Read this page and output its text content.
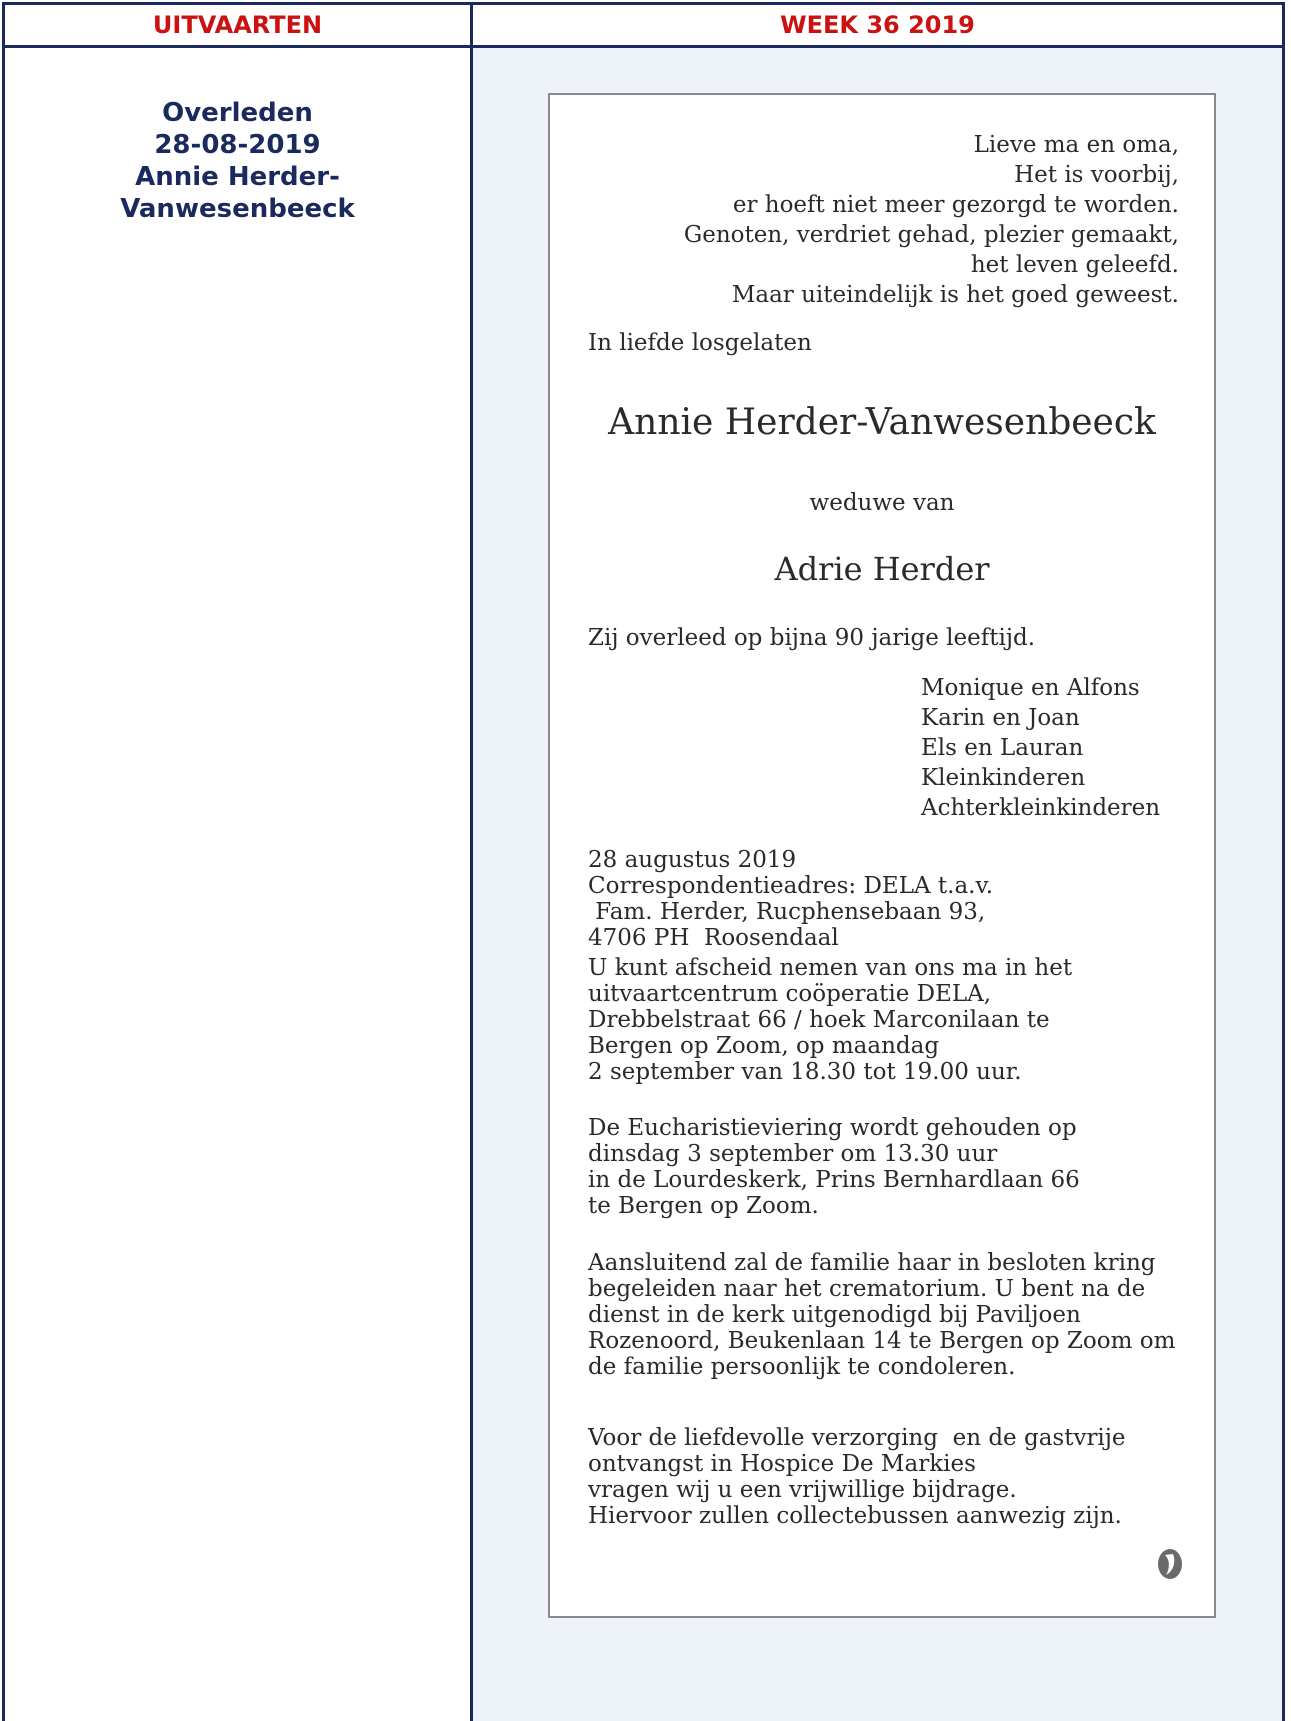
UITVAARTEN	WEEK 36 2019
Overleden
28-08-2019
Annie Herder-
Vanwesenbeeck
Lieve ma en oma,
Het is voorbij,
er hoeft niet meer gezorgd te worden.
Genoten, verdriet gehad, plezier gemaakt,
het leven geleefd.
Maar uiteindelijk is het goed geweest.
In liefde losgelaten
Annie Herder-Vanwesenbeeck
weduwe van
Adrie Herder
Zij overleed op bijna 90 jarige leeftijd.
Monique en Alfons
Karin en Joan
Els en Lauran
Kleinkinderen
Achterkleinkinderen
28 augustus 2019
Correspondentieadres: DELA t.a.v.
Fam. Herder, Rucphensebaan 93,
4706 PH  Roosendaal
U kunt afscheid nemen van ons ma in het
uitvaartcentrum coöperatie DELA,
Drebbelstraat 66 / hoek Marconilaan te
Bergen op Zoom, op maandag
2 september van 18.30 tot 19.00 uur.
De Eucharistieviering wordt gehouden op
dinsdag 3 september om 13.30 uur
in de Lourdeskerk, Prins Bernhardlaan 66
te Bergen op Zoom.
Aansluitend zal de familie haar in besloten kring
begeleiden naar het crematorium. U bent na de
dienst in de kerk uitgenodigd bij Paviljoen
Rozenoord, Beukenlaan 14 te Bergen op Zoom om
de familie persoonlijk te condoleren.
Voor de liefdevolle verzorging  en de gastvrije
ontvangst in Hospice De Markies
vragen wij u een vrijwillige bijdrage.
Hiervoor zullen collectebussen aanwezig zijn.
